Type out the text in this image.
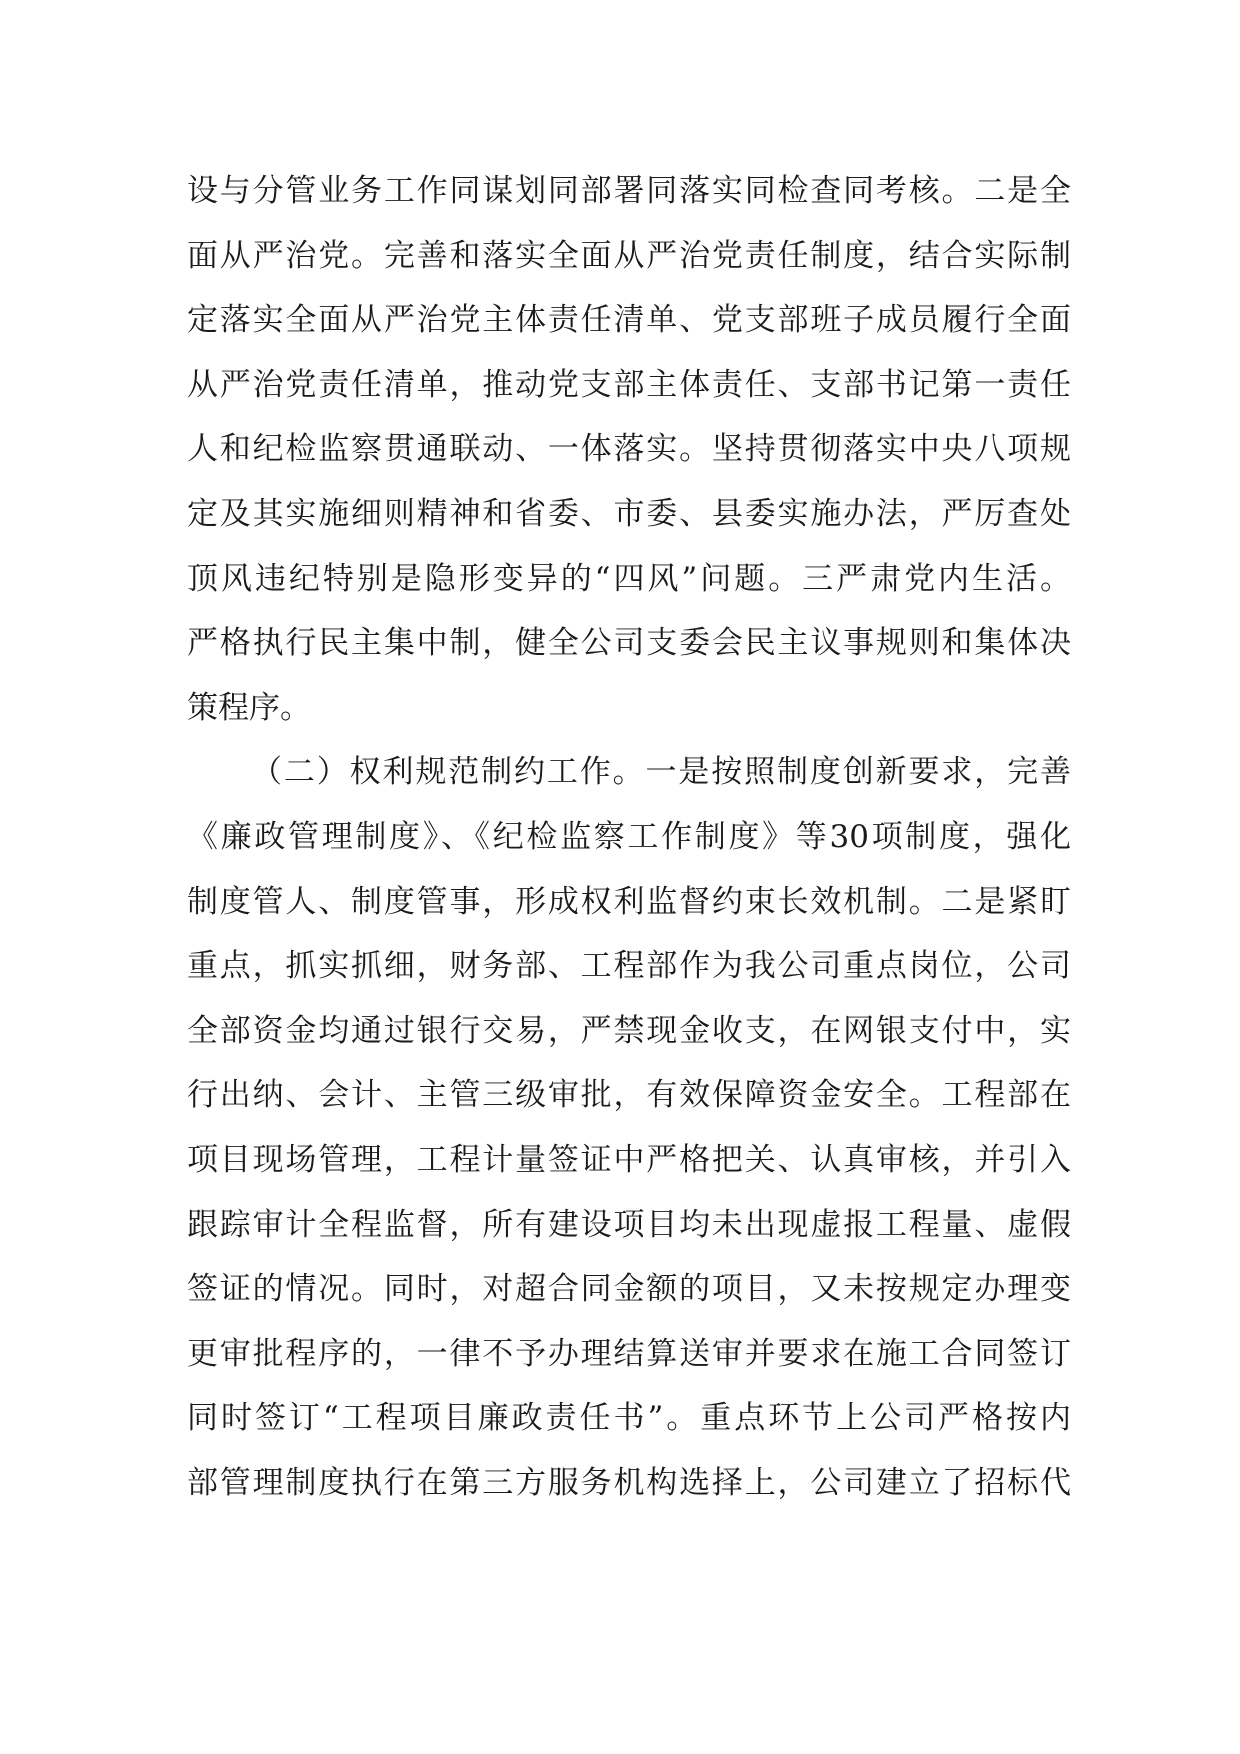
设与分管业务工作同谋划同部署同落实同检查同考核。二是全
面从严治党。完善和落实全面从严治党责任制度，结合实际制
定落实全面从严治党主体责任清单、党支部班子成员履行全面
从严治党责任清单，推动党支部主体责任、支部书记第一责任
人和纪检监察贯通联动、一体落实。坚持贯彻落实中央八项规
定及其实施细则精神和省委、市委、县委实施办法，严厉查处
顶风违纪特别是隐形变异的“四风”问题。三严肃党内生活。
严格执行民主集中制，健全公司支委会民主议事规则和集体决
策程序。
（二）权利规范制约工作。一是按照制度创新要求，完善
《廉政管理制度》、《纪检监察工作制度》等30项制度，强化
制度管人、制度管事，形成权利监督约束长效机制。二是紧盯
重点，抓实抓细，财务部、工程部作为我公司重点岗位，公司
全部资金均通过银行交易，严禁现金收支，在网银支付中，实
行出纳、会计、主管三级审批，有效保障资金安全。工程部在
项目现场管理，工程计量签证中严格把关、认真审核，并引入
跟踪审计全程监督，所有建设项目均未出现虚报工程量、虚假
签证的情况。同时，对超合同金额的项目，又未按规定办理变
更审批程序的，一律不予办理结算送审并要求在施工合同签订
同时签订“工程项目廉政责任书”。重点环节上公司严格按内
部管理制度执行在第三方服务机构选择上，公司建立了招标代
